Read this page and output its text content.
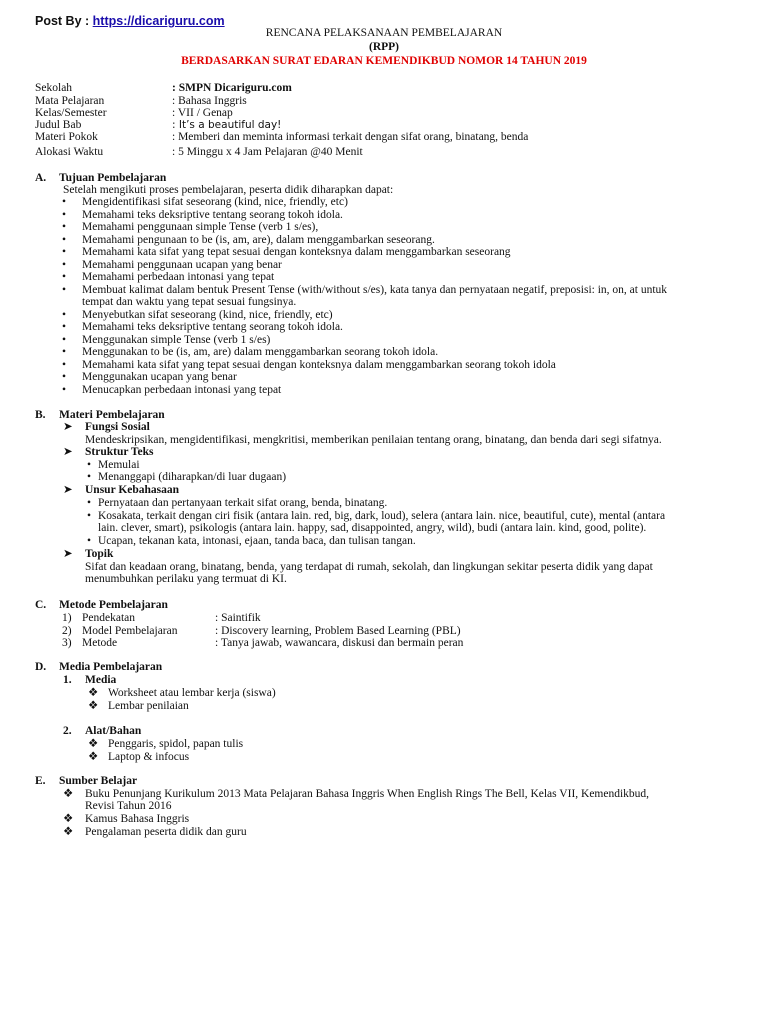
Post By : https://dicariguru.com
RENCANA PELAKSANAAN PEMBELAJARAN
(RPP)
BERDASARKAN SURAT EDARAN KEMENDIKBUD NOMOR 14 TAHUN 2019
Sekolah	: SMPN Dicariguru.com
Mata Pelajaran	: Bahasa Inggris
Kelas/Semester	: VII / Genap
Judul Bab	: It’s a beautiful day!
Materi Pokok	: Memberi dan meminta informasi terkait dengan sifat orang, binatang, benda
Alokasi Waktu	: 5 Minggu x 4 Jam Pelajaran @40 Menit
A. Tujuan Pembelajaran
Setelah mengikuti proses pembelajaran, peserta didik diharapkan dapat:
• Mengidentifikasi sifat seseorang (kind, nice, friendly, etc)
• Memahami teks deksriptive tentang seorang tokoh idola.
• Memahami penggunaan simple Tense (verb 1 s/es),
• Memahami pengunaan to be (is, am, are), dalam menggambarkan seseorang.
• Memahami kata sifat yang tepat sesuai dengan konteksnya dalam menggambarkan seseorang
• Memahami penggunaan ucapan yang benar
• Memahami perbedaan intonasi yang tepat
• Membuat kalimat dalam bentuk Present Tense (with/without s/es), kata tanya dan pernyataan negatif, preposisi: in, on, at untuk
tempat dan waktu yang tepat sesuai fungsinya.
• Menyebutkan sifat seseorang (kind, nice, friendly, etc)
• Memahami teks deksriptive tentang seorang tokoh idola.
• Menggunakan simple Tense (verb 1 s/es)
• Menggunakan to be (is, am, are) dalam menggambarkan seorang tokoh idola.
• Memahami kata sifat yang tepat sesuai dengan konteksnya dalam menggambarkan seorang tokoh idola
• Menggunakan ucapan yang benar
• Menucapkan perbedaan intonasi yang tepat
B. Materi Pembelajaran
➤ Fungsi Sosial
Mendeskripsikan, mengidentifikasi, mengkritisi, memberikan penilaian tentang orang, binatang, dan benda dari segi sifatnya.
➤ Struktur Teks
• Memulai
• Menanggapi (diharapkan/di luar dugaan)
➤ Unsur Kebahasaan
• Pernyataan dan pertanyaan terkait sifat orang, benda, binatang.
• Kosakata, terkait dengan ciri fisik (antara lain. red, big, dark, loud), selera (antara lain. nice, beautiful, cute), mental (antara
lain. clever, smart), psikologis (antara lain. happy, sad, disappointed, angry, wild), budi (antara lain. kind, good, polite).
• Ucapan, tekanan kata, intonasi, ejaan, tanda baca, dan tulisan tangan.
➤ Topik
Sifat dan keadaan orang, binatang, benda, yang terdapat di rumah, sekolah, dan lingkungan sekitar peserta didik yang dapat
menumbuhkan perilaku yang termuat di KI.
C. Metode Pembelajaran
1) Pendekatan	: Saintifik
2) Model Pembelajaran	: Discovery learning, Problem Based Learning (PBL)
3) Metode	: Tanya jawab, wawancara, diskusi dan bermain peran
D. Media Pembelajaran
1. Media
❖ Worksheet atau lembar kerja (siswa)
❖ Lembar penilaian
2. Alat/Bahan
❖ Penggaris, spidol, papan tulis
❖ Laptop & infocus
E. Sumber Belajar
❖ Buku Penunjang Kurikulum 2013 Mata Pelajaran Bahasa Inggris When English Rings The Bell, Kelas VII, Kemendikbud,
Revisi Tahun 2016
❖ Kamus Bahasa Inggris
❖ Pengalaman peserta didik dan guru
